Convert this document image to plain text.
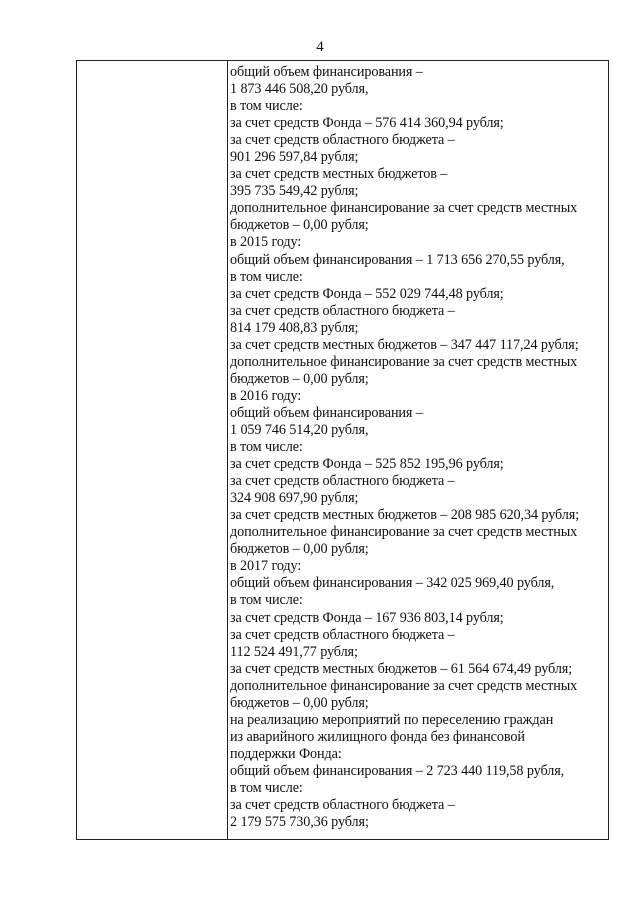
4
общий объем финансирования –
1 873 446 508,20 рубля,
в том числе:
за счет средств Фонда – 576 414 360,94 рубля;
за счет средств областного бюджета –
901 296 597,84 рубля;
за счет средств местных бюджетов –
395 735 549,42 рубля;
дополнительное финансирование за счет средств местных
бюджетов – 0,00 рубля;
в 2015 году:
общий объем финансирования – 1 713 656 270,55 рубля,
в том числе:
за счет средств Фонда – 552 029 744,48 рубля;
за счет средств областного бюджета –
814 179 408,83 рубля;
за счет средств местных бюджетов – 347 447 117,24 рубля;
дополнительное финансирование за счет средств местных
бюджетов – 0,00 рубля;
в 2016 году:
общий объем финансирования –
1 059 746 514,20 рубля,
в том числе:
за счет средств Фонда – 525 852 195,96 рубля;
за счет средств областного бюджета –
324 908 697,90 рубля;
за счет средств местных бюджетов – 208 985 620,34 рубля;
дополнительное финансирование за счет средств местных
бюджетов – 0,00 рубля;
в 2017 году:
общий объем финансирования – 342 025 969,40 рубля,
в том числе:
за счет средств Фонда – 167 936 803,14 рубля;
за счет средств областного бюджета –
112 524 491,77 рубля;
за счет средств местных бюджетов – 61 564 674,49 рубля;
дополнительное финансирование за счет средств местных
бюджетов – 0,00 рубля;
на реализацию мероприятий по переселению граждан
из аварийного жилищного фонда без финансовой
поддержки Фонда:
общий объем финансирования – 2 723 440 119,58 рубля,
в том числе:
за счет средств областного бюджета –
2 179 575 730,36 рубля;
